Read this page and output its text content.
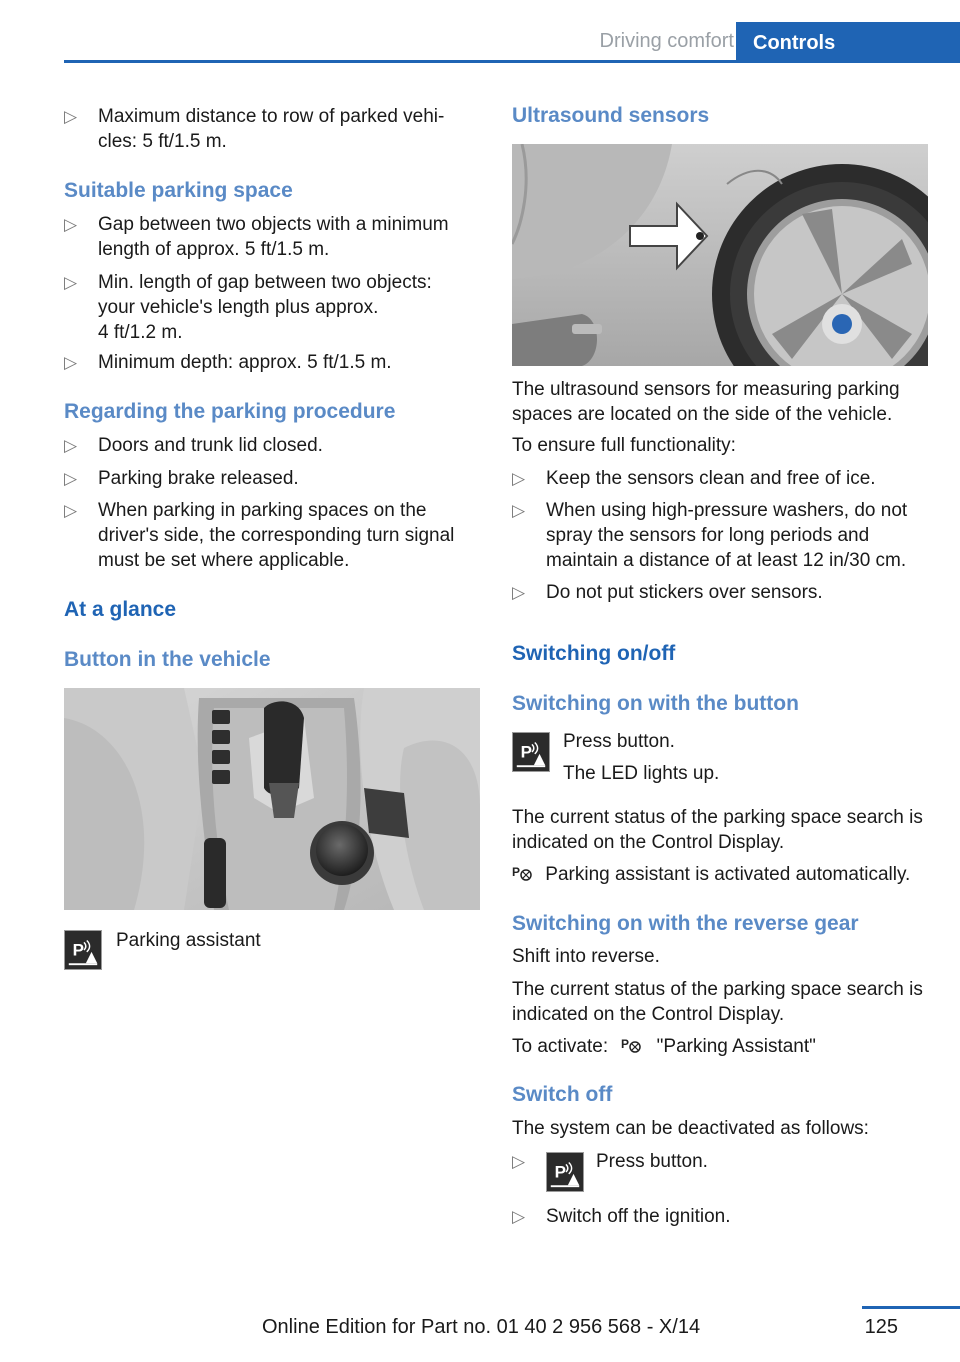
Driving comfort Controls
▷	Maximum distance to row of parked vehi-cles: 5 ft/1.5 m.
Suitable parking space
▷	Gap between two objects with a minimum length of approx. 5 ft/1.5 m.
▷	Min. length of gap between two objects: your vehicle's length plus approx.
4 ft/1.2 m.
▷	Minimum depth: approx. 5 ft/1.5 m.
Regarding the parking procedure
▷	Doors and trunk lid closed.
▷	Parking brake released.
▷	When parking in parking spaces on the driver's side, the corresponding turn signal must be set where applicable.
At a glance
Button in the vehicle
P Parking assistant
Ultrasound sensors
The ultrasound sensors for measuring parking spaces are located on the side of the vehicle.
To ensure full functionality:
▷	Keep the sensors clean and free of ice.
▷	When using high-pressure washers, do not spray the sensors for long periods and maintain a distance of at least 12 in/30 cm.
▷	Do not put stickers over sensors.
Switching on/off
Switching on with the button
P
Press button.
The LED lights up.
The current status of the parking space search is indicated on the Control Display.
P Parking assistant is activated automatically.
Switching on with the reverse gear
Shift into reverse.
The current status of the parking space search is indicated on the Control Display.
To activate: P "Parking Assistant"
Switch off
The system can be deactivated as follows:
▷
P
Press button.
▷	Switch off the ignition.
Online Edition for Part no. 01 40 2 956 568 - X/14	125
